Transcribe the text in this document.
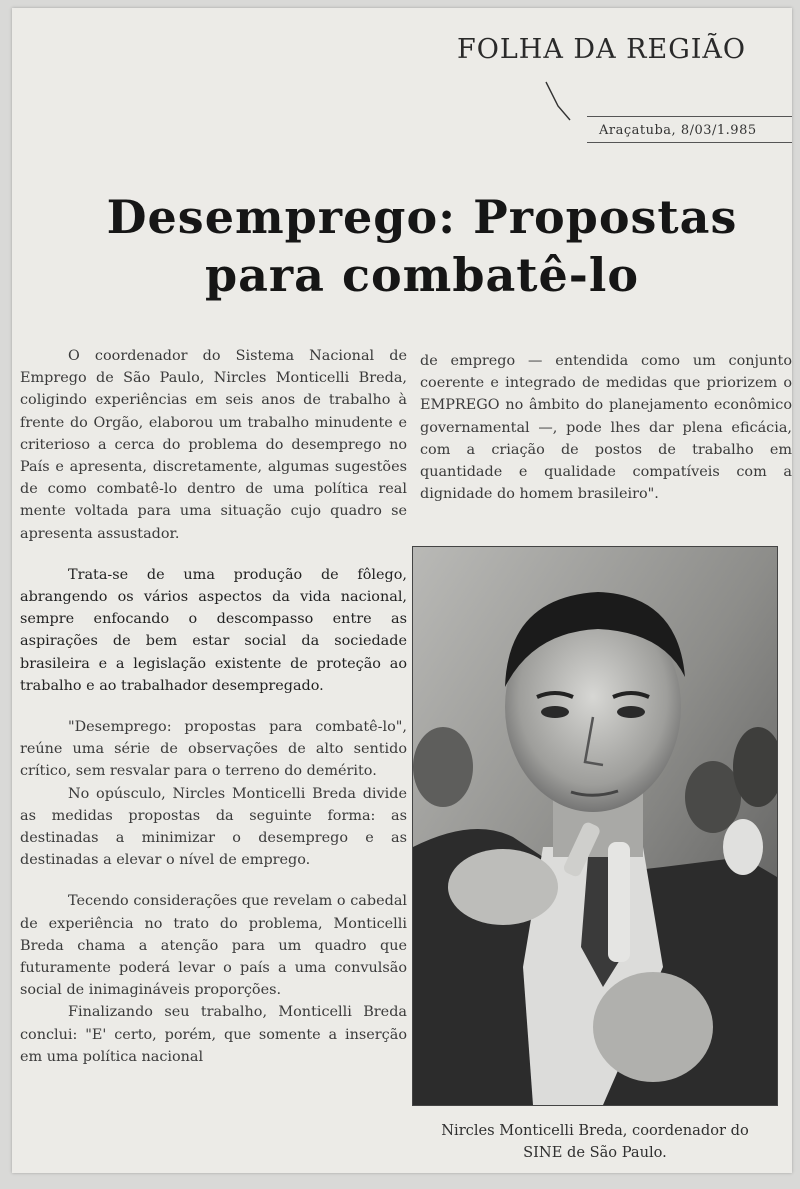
FOLHA DA REGIÃO
Araçatuba, 8/03/1.985
Desemprego: Propostas
para combatê-lo

O coordenador do Sistema Nacional de Emprego de São Paulo, Nircles Monticelli Breda, coligindo experiências em seis anos de trabalho à frente do Orgão, elaborou um trabalho minudente e criterioso a cerca do problema do desemprego no País e apresenta, discretamente, algumas sugestões de como combatê-lo dentro de uma política real mente voltada para uma situação cujo quadro se apresenta assustador.

Trata-se de uma produção de fôlego, abrangendo os vários aspectos da vida nacional, sempre enfocando o descompasso entre as aspirações de bem estar social da sociedade brasileira e a legislação existente de proteção ao trabalho e ao trabalhador desempregado.

"Desemprego: propostas para combatê-lo", reúne uma série de observações de alto sentido crítico, sem resvalar para o terreno do demérito.

No opúsculo, Nircles Monticelli Breda divide as medidas propostas da seguinte forma: as destinadas a minimizar o desemprego e as destinadas a elevar o nível de emprego.

Tecendo considerações que revelam o cabedal de experiência no trato do problema, Monticelli Breda chama a atenção para um quadro que futuramente poderá levar o país a uma convulsão social de inimagináveis proporções.

Finalizando seu trabalho, Monticelli Breda conclui: "E' certo, porém, que somente a inserção em uma política nacional

de emprego — entendida como um conjunto coerente e integrado de medidas que priorizem o EMPREGO no âmbito do planejamento econômico governamental —, pode lhes dar plena eficácia, com a criação de postos de trabalho em quantidade e qualidade compatíveis com a dignidade do homem brasileiro".

Nircles Monticelli Breda, coordenador do SINE de São Paulo.
